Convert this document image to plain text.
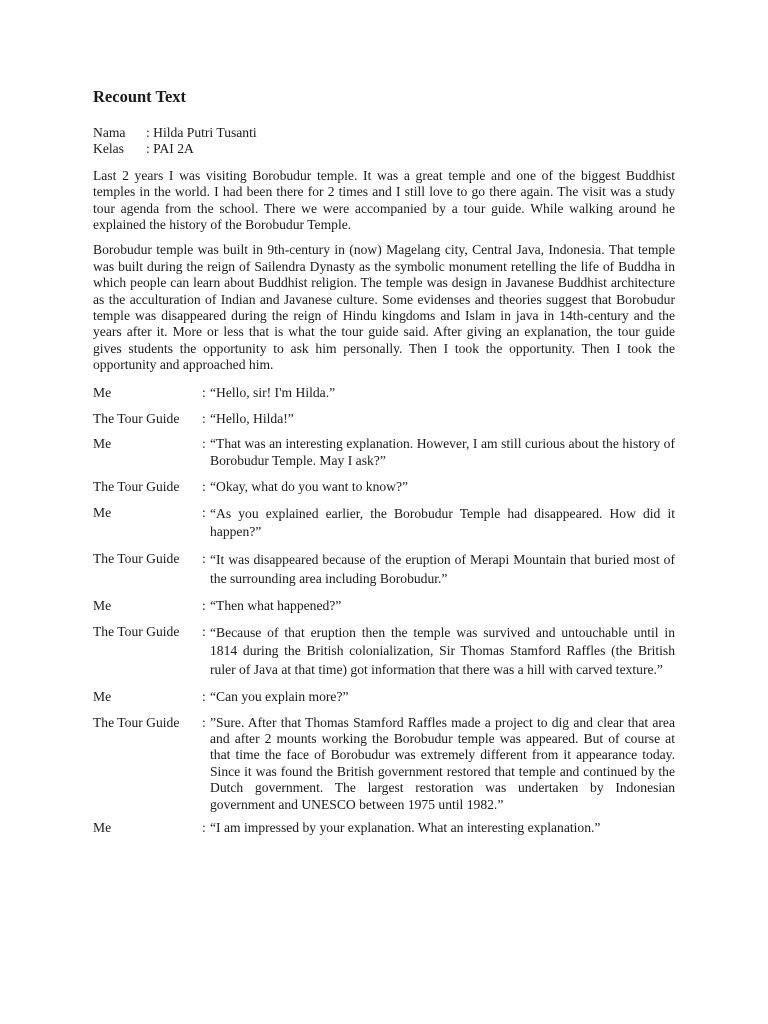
Recount Text
Nama	: Hilda Putri Tusanti
Kelas	: PAI 2A

Last 2 years I was visiting Borobudur temple. It was a great temple and one of the biggest Buddhist temples in the world. I had been there for 2 times and I still love to go there again. The visit was a study tour agenda from the school. There we were accompanied by a tour guide. While walking around he explained the history of the Borobudur Temple.

Borobudur temple was built in 9th-century in (now) Magelang city, Central Java, Indonesia. That temple was built during the reign of Sailendra Dynasty as the symbolic monument retelling the life of Buddha in which people can learn about Buddhist religion. The temple was design in Javanese Buddhist architecture as the acculturation of Indian and Javanese culture. Some evidenses and theories suggest that Borobudur temple was disappeared during the reign of Hindu kingdoms and Islam in java in 14th-century and the years after it. More or less that is what the tour guide said. After giving an explanation, the tour guide gives students the opportunity to ask him personally. Then I took the opportunity. Then I took the opportunity and approached him.

Me	: “Hello, sir! I'm Hilda.”
The Tour Guide	: “Hello, Hilda!”
Me	: “That was an interesting explanation. However, I am still curious about the history of Borobudur Temple. May I ask?”
The Tour Guide	: “Okay, what do you want to know?”
Me	: “As you explained earlier, the Borobudur Temple had disappeared. How did it happen?”
The Tour Guide	: “It was disappeared because of the eruption of Merapi Mountain that buried most of the surrounding area including Borobudur.”
Me	: “Then what happened?”
The Tour Guide	: “Because of that eruption then the temple was survived and untouchable until in 1814 during the British colonialization, Sir Thomas Stamford Raffles (the British ruler of Java at that time) got information that there was a hill with carved texture.”
Me	: “Can you explain more?”
The Tour Guide	: ”Sure. After that Thomas Stamford Raffles made a project to dig and clear that area and after 2 mounts working the Borobudur temple was appeared. But of course at that time the face of Borobudur was extremely different from it appearance today. Since it was found the British government restored that temple and continued by the Dutch government. The largest restoration was undertaken by Indonesian government and UNESCO between 1975 until 1982.”
Me	: “I am impressed by your explanation. What an interesting explanation.”
